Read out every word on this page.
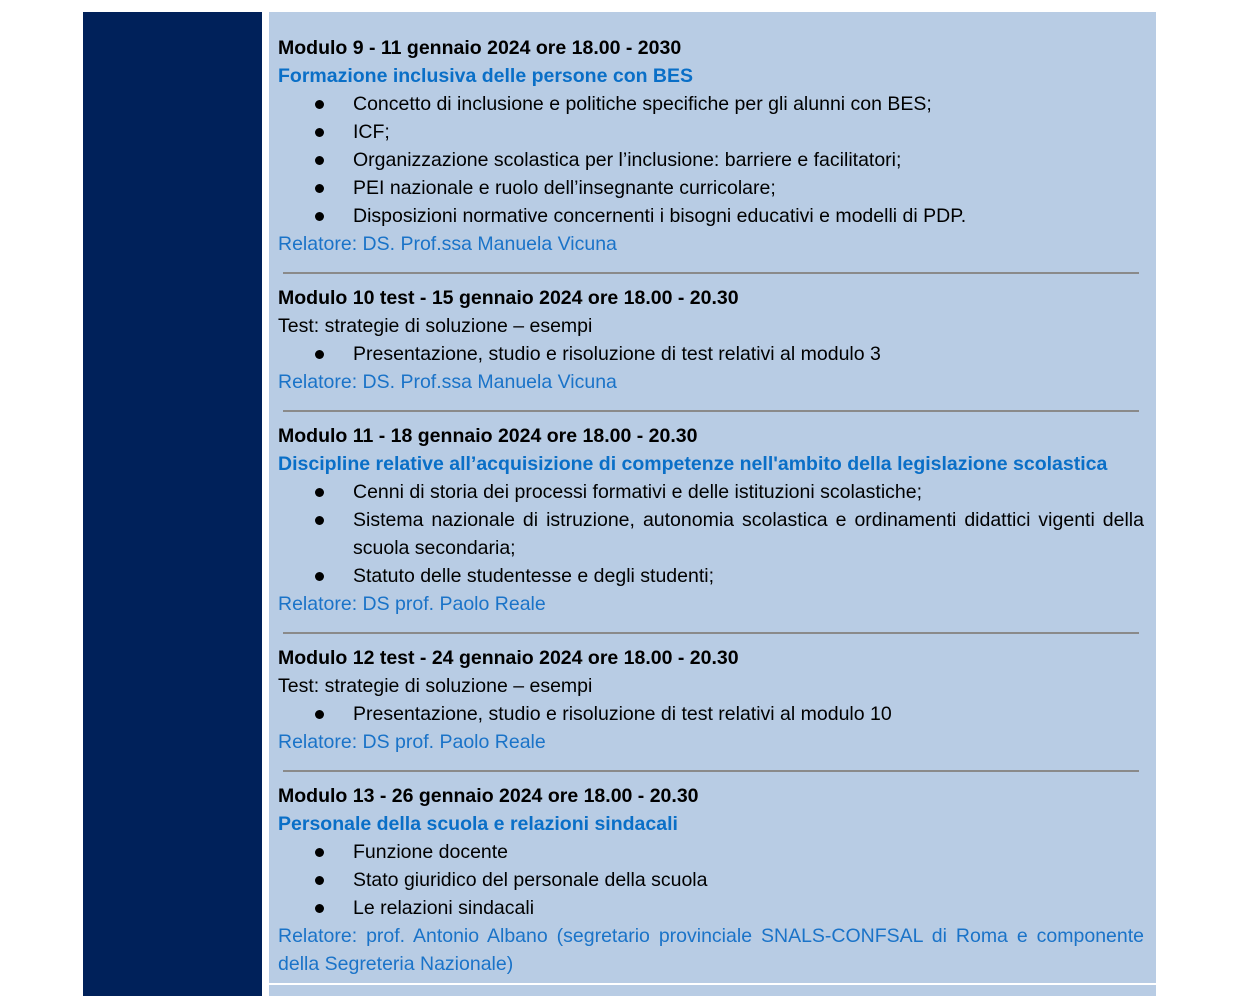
Modulo 9 - 11 gennaio 2024 ore 18.00 - 2030
Formazione inclusiva delle persone con BES
Concetto di inclusione e politiche specifiche per gli alunni con BES;
ICF;
Organizzazione scolastica per l’inclusione: barriere e facilitatori;
PEI nazionale e ruolo dell’insegnante curricolare;
Disposizioni normative concernenti i bisogni educativi e modelli di PDP.
Relatore: DS. Prof.ssa Manuela Vicuna
Modulo 10 test - 15 gennaio 2024 ore 18.00 - 20.30
Test: strategie di soluzione – esempi
Presentazione, studio e risoluzione di test relativi al modulo 3
Relatore: DS. Prof.ssa Manuela Vicuna
Modulo 11 - 18 gennaio 2024 ore 18.00 - 20.30
Discipline relative all’acquisizione di competenze nell'ambito della legislazione scolastica
Cenni di storia dei processi formativi e delle istituzioni scolastiche;
Sistema nazionale di istruzione, autonomia scolastica e ordinamenti didattici vigenti della scuola secondaria;
Statuto delle studentesse e degli studenti;
Relatore: DS prof. Paolo Reale
Modulo 12 test - 24 gennaio 2024 ore 18.00 - 20.30
Test: strategie di soluzione – esempi
Presentazione, studio e risoluzione di test relativi al modulo 10
Relatore: DS prof. Paolo Reale
Modulo 13 - 26 gennaio 2024 ore 18.00 - 20.30
Personale della scuola e relazioni sindacali
Funzione docente
Stato giuridico del personale della scuola
Le relazioni sindacali
Relatore: prof. Antonio Albano (segretario provinciale SNALS-CONFSAL di Roma e componente della Segreteria Nazionale)
